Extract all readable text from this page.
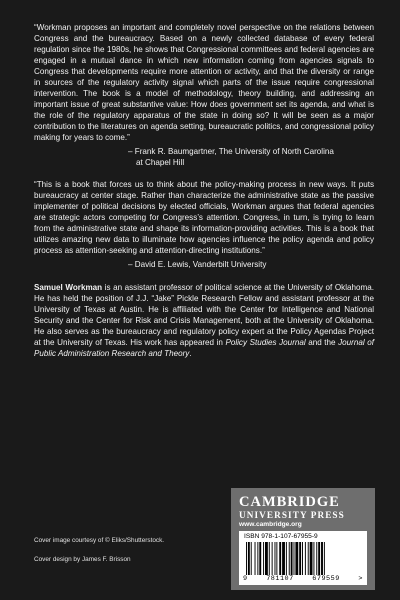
“Workman proposes an important and completely novel perspective on the relations between Congress and the bureaucracy. Based on a newly collected database of every federal regulation since the 1980s, he shows that Congressional committees and federal agencies are engaged in a mutual dance in which new information coming from agencies signals to Congress that developments require more attention or activity, and that the diversity or range in sources of the regulatory activity signal which parts of the issue require congressional intervention. The book is a model of methodology, theory building, and addressing an important issue of great substantive value: How does government set its agenda, and what is the role of the regulatory apparatus of the state in doing so? It will be seen as a major contribution to the literatures on agenda setting, bureaucratic politics, and congressional policy making for years to come.”

– Frank R. Baumgartner, The University of North Carolina
at Chapel Hill

“This is a book that forces us to think about the policy-making process in new ways. It puts bureaucracy at center stage. Rather than characterize the administrative state as the passive implementer of political decisions by elected officials, Workman argues that federal agencies are strategic actors competing for Congress’s attention. Congress, in turn, is trying to learn from the administrative state and shape its information-providing activities. This is a book that utilizes amazing new data to illuminate how agencies influence the policy agenda and policy process as attention-seeking and attention-directing institutions.”

– David E. Lewis, Vanderbilt University

Samuel Workman is an assistant professor of political science at the University of Oklahoma. He has held the position of J.J. “Jake” Pickle Research Fellow and assistant professor at the University of Texas at Austin. He is affiliated with the Center for Intelligence and National Security and the Center for Risk and Crisis Management, both at the University of Oklahoma. He also serves as the bureaucracy and regulatory policy expert at the Policy Agendas Project at the University of Texas. His work has appeared in Policy Studies Journal and the Journal of Public Administration Research and Theory.

Cover image courtesy of © Eliks/Shutterstock.
Cover design by James F. Brisson
CAMBRIDGE
UNIVERSITY PRESS
www.cambridge.org
ISBN 978-1-107-67955-9
9	781107	679559	>
